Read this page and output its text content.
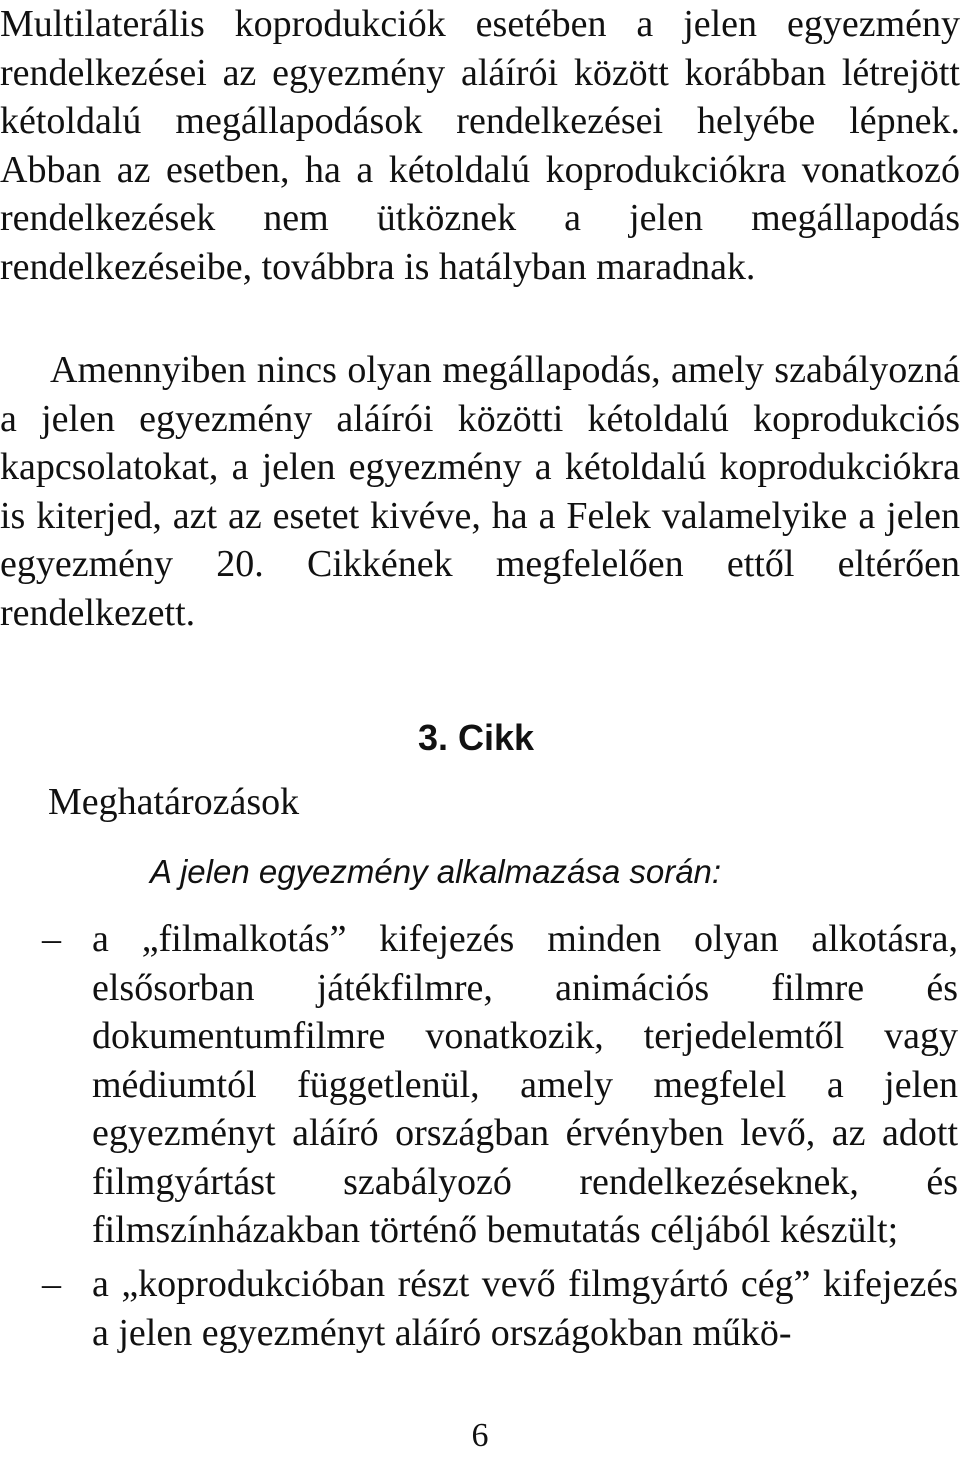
Multilaterális koprodukciók esetében a jelen egyezmény rendelkezései az egyezmény aláírói között korábban létrejött kétoldalú megállapodások rendelkezései helyébe lépnek. Abban az esetben, ha a kétoldalú koprodukciókra vonatkozó rendelkezések nem ütköznek a jelen megállapodás rendelkezéseibe, továbbra is hatályban maradnak.

Amennyiben nincs olyan megállapodás, amely szabályozná a jelen egyezmény aláírói közötti kétoldalú koprodukciós kapcsolatokat, a jelen egyezmény a kétoldalú koprodukciókra is kiterjed, azt az esetet kivéve, ha a Felek valamelyike a jelen egyezmény 20. Cikkének megfelelően ettől eltérően rendelkezett.

3. Cikk
Meghatározások
A jelen egyezmény alkalmazása során:
– a „filmalkotás” kifejezés minden olyan alkotásra, elsősorban játékfilmre, animációs filmre és dokumentumfilmre vonatkozik, terjedelemtől vagy médiumtól függetlenül, amely megfelel a jelen egyezményt aláíró országban érvényben levő, az adott filmgyártást szabályozó rendelkezéseknek, és filmszínházakban történő bemutatás céljából készült;

– a „koprodukcióban részt vevő filmgyártó cég” kifejezés a jelen egyezményt aláíró országokban műkö-

6
